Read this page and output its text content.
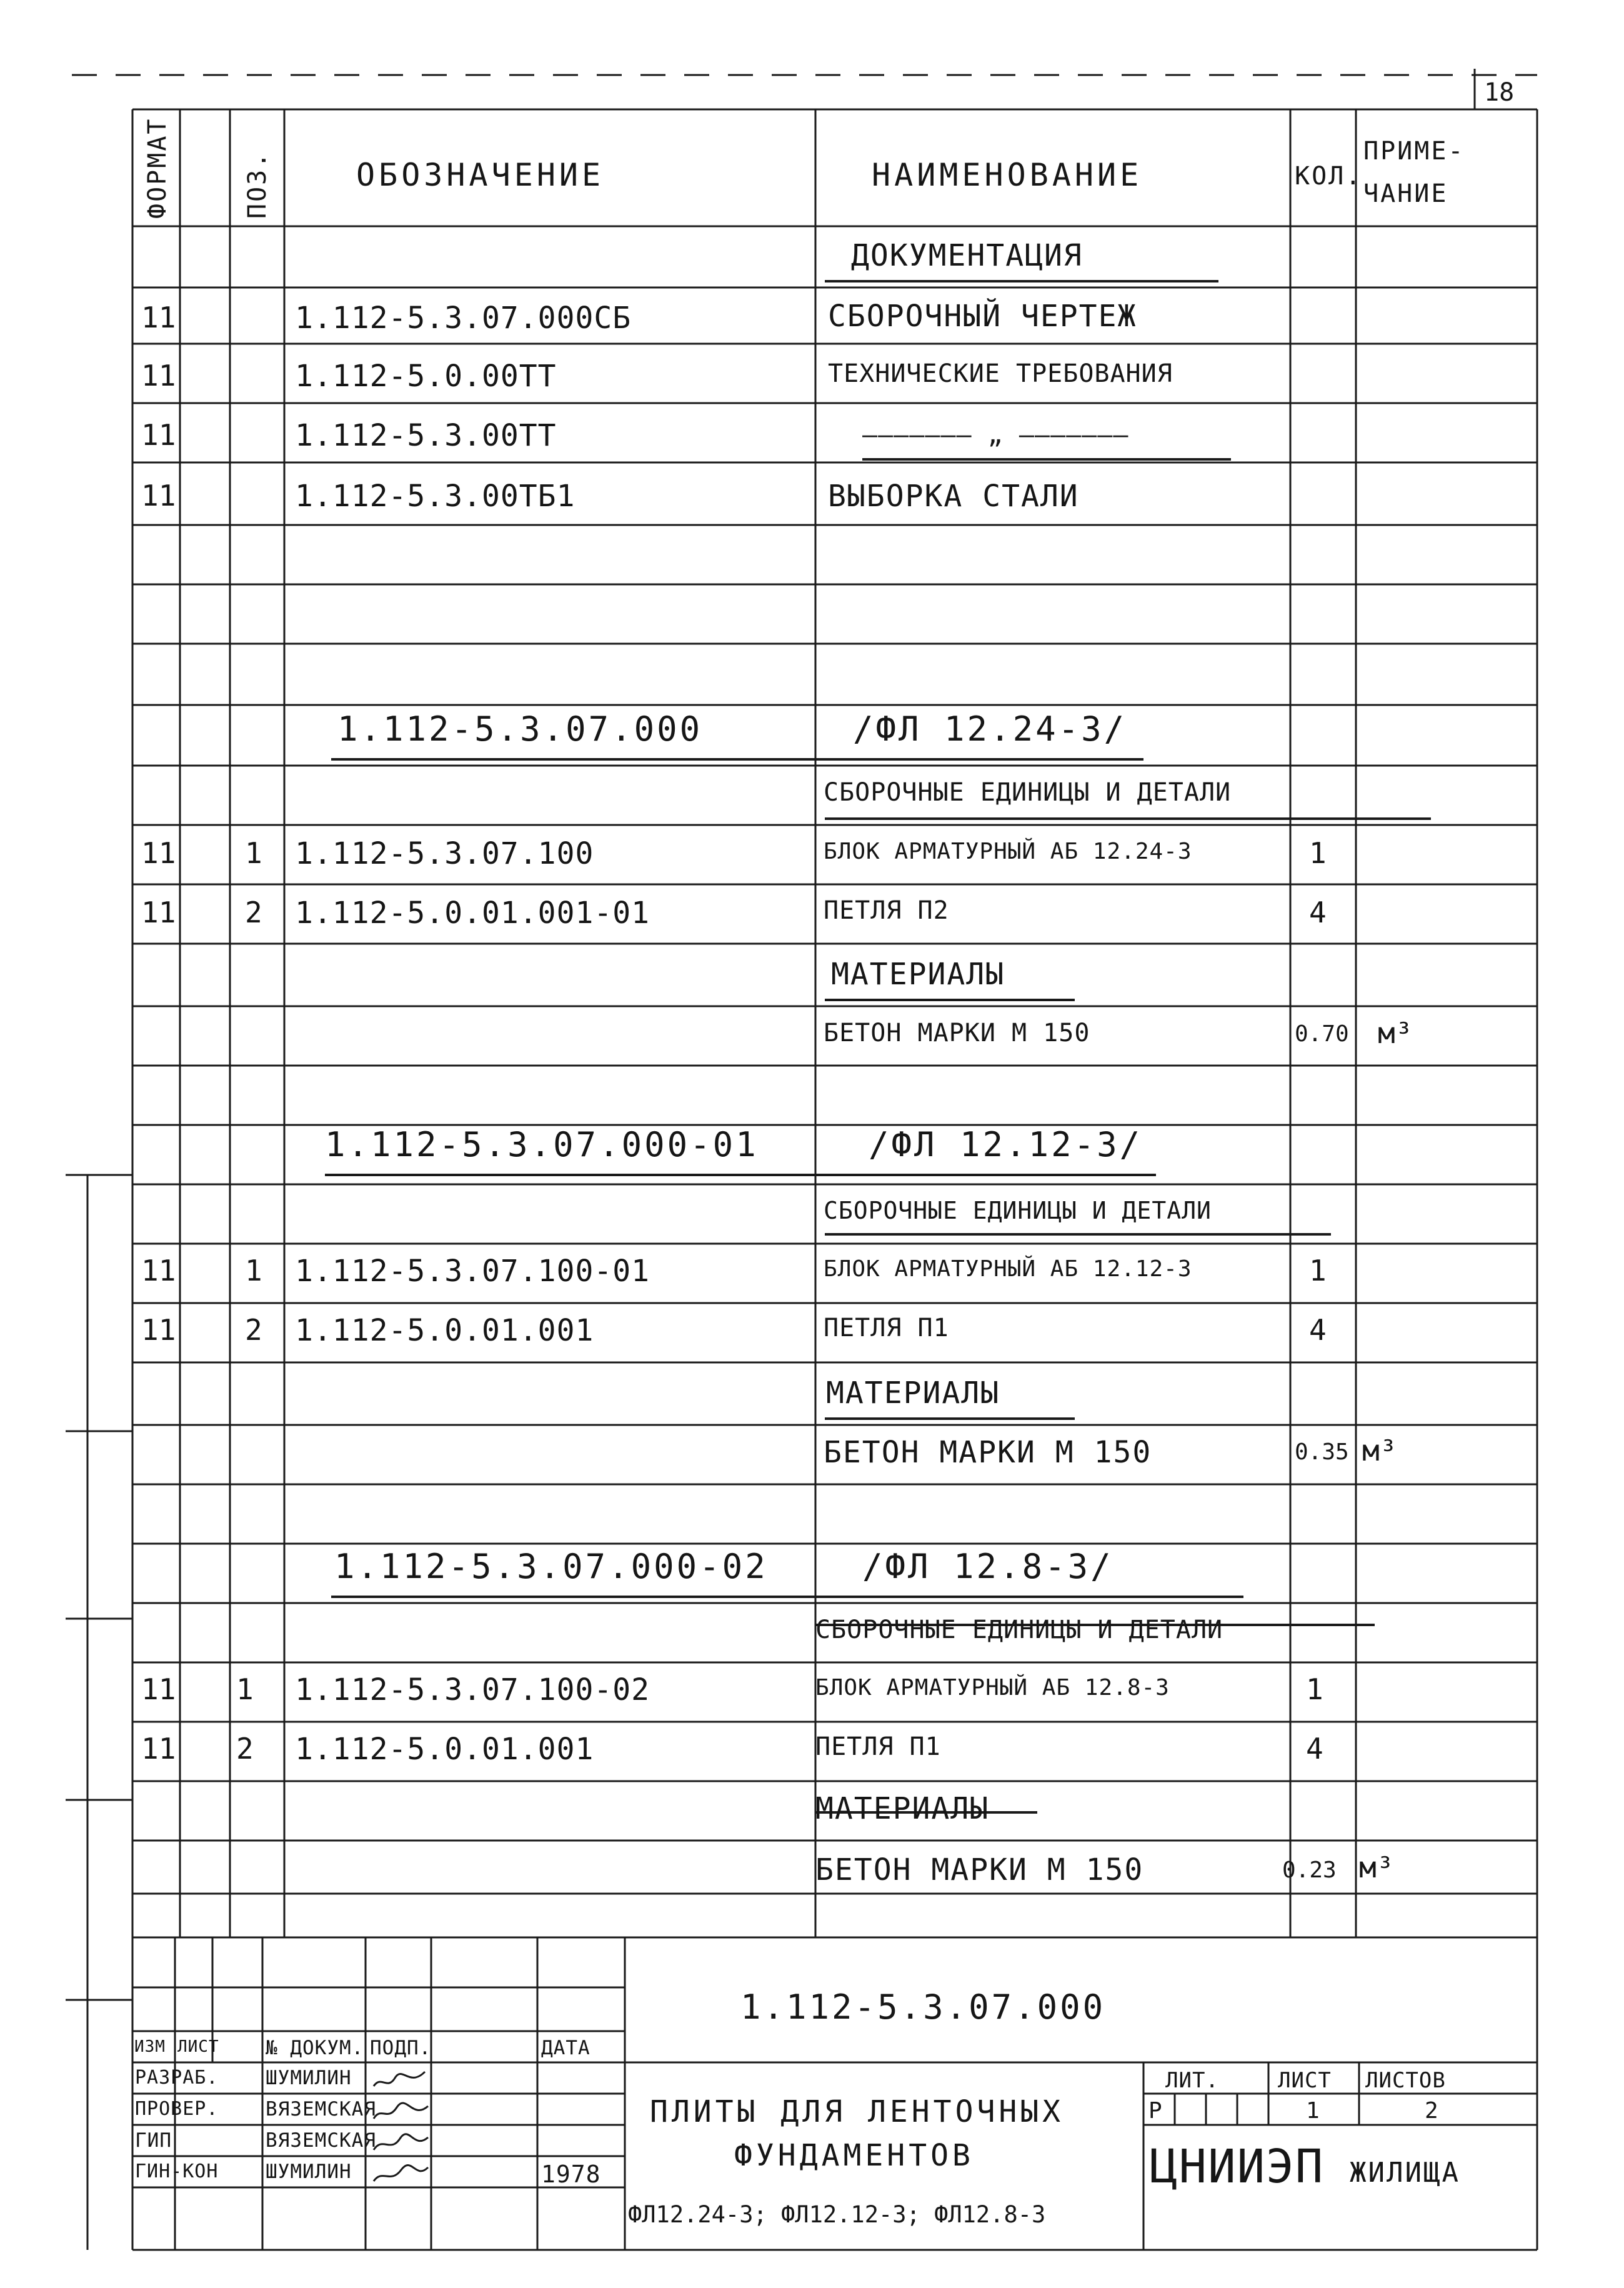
18
ФОРМАТ	ПОЗ.	ОБОЗНАЧЕНИЕ	НАИМЕНОВАНИЕ	КОЛ.
ПРИМЕ-
ЧАНИЕ
ДОКУМЕНТАЦИЯ
11	1.112-5.3.07.000СБ	СБОРОЧНЫЙ ЧЕРТЕЖ
11	1.112-5.0.00ТТ	ТЕХНИЧЕСКИЕ ТРЕБОВАНИЯ
11	1.112-5.3.00ТТ	——————— „ ———————
11	1.112-5.3.00ТБ1	ВЫБОРКА СТАЛИ
1.112-5.3.07.000	/ФЛ 12.24-3/
СБОРОЧНЫЕ ЕДИНИЦЫ И ДЕТАЛИ
11 1 1.112-5.3.07.100	БЛОК АРМАТУРНЫЙ АБ 12.24-3	1
11 2 1.112-5.0.01.001-01	ПЕТЛЯ П2	4
МАТЕРИАЛЫ
БЕТОН МАРКИ М 150	0.70 м³
1.112-5.3.07.000-01	/ФЛ 12.12-3/
СБОРОЧНЫЕ ЕДИНИЦЫ И ДЕТАЛИ
11 1 1.112-5.3.07.100-01	БЛОК АРМАТУРНЫЙ АБ 12.12-3	1
11 2 1.112-5.0.01.001	ПЕТЛЯ П1	4
МАТЕРИАЛЫ
БЕТОН МАРКИ М 150	0.35 м³
1.112-5.3.07.000-02	/ФЛ 12.8-3/
СБОРОЧНЫЕ ЕДИНИЦЫ И ДЕТАЛИ
11 1 1.112-5.3.07.100-02	БЛОК АРМАТУРНЫЙ АБ 12.8-3	1
11 2 1.112-5.0.01.001	ПЕТЛЯ П1	4
МАТЕРИАЛЫ
БЕТОН МАРКИ М 150	0.23 м³
1.112-5.3.07.000
ИЗМ ЛИСТ № ДОКУМ. ПОДП.	ДАТА
РАЗРАБ. ШУМИЛИН
ПРОВЕР. ВЯЗЕМСКАЯ
ГИП	ВЯЗЕМСКАЯ
ГИН-КОН ШУМИЛИН	1978
ПЛИТЫ ДЛЯ ЛЕНТОЧНЫХ
ФУНДАМЕНТОВ
ФЛ12.24-3; ФЛ12.12-3; ФЛ12.8-3
ЛИТ.	ЛИСТ ЛИСТОВ
Р	1	2
ЦНИИЭП ЖИЛИЩА
